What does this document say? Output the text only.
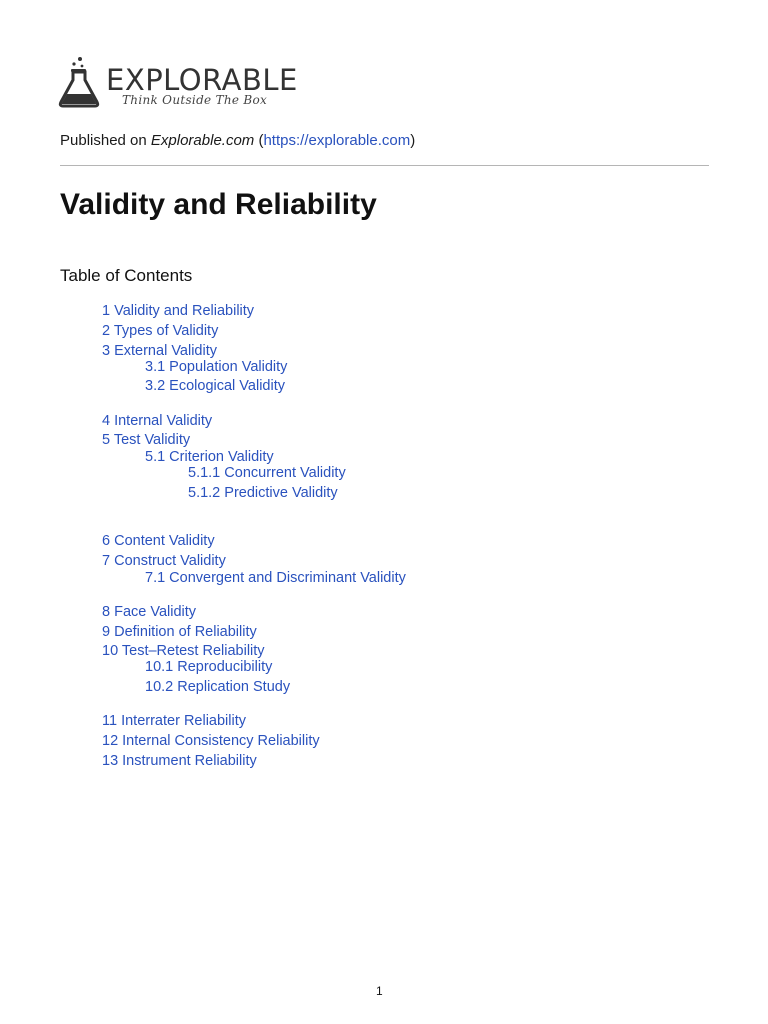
EXPLORABLE
Think Outside The Box
Published on Explorable.com (https://explorable.com)
Validity and Reliability
Table of Contents
1 Validity and Reliability
2 Types of Validity
3 External Validity
3.1 Population Validity
3.2 Ecological Validity
4 Internal Validity
5 Test Validity
5.1 Criterion Validity
5.1.1 Concurrent Validity
5.1.2 Predictive Validity
6 Content Validity
7 Construct Validity
7.1 Convergent and Discriminant Validity
8 Face Validity
9 Definition of Reliability
10 Test–Retest Reliability
10.1 Reproducibility
10.2 Replication Study
11 Interrater Reliability
12 Internal Consistency Reliability
13 Instrument Reliability
1
